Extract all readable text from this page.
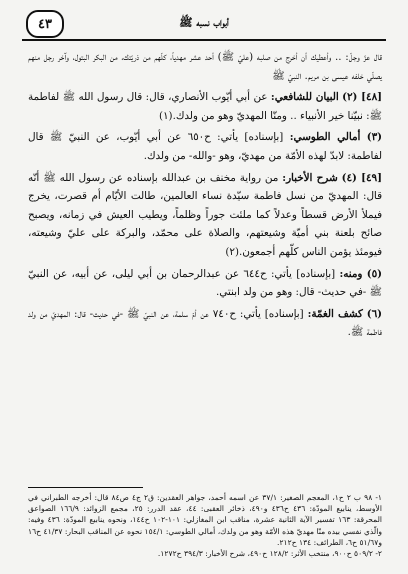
٤٣	أبواب نسبه ﷺ

قال عزّ وجلّ: .. وأعطيك أن أخرج من صلبه (عليّ ﷺ) أحد عشر مهدياً، كلّهم من ذريّتك، من البكر البتول، وآخر رجل منهم يصلّي خلفه عيسى بن مريم. النبيّ ﷺ

[٤٨] (٢) البيان للشافعي: عن أبي أيّوب الأنصاري، قال: قال رسول الله ﷺ لفاطمة ﷺ: نبيّنا خير الأنبياء .. ومنّا المهديّ وهو من ولدك.(١)

(٣) أمالي الطوسي: [بإسناده] يأتي: ح٦٥٠ عن أبي أيّوب، عن النبيّ ﷺ قال لفاطمة: لابدّ لهذه الأمّة من مهديّ، وهو -والله- من ولدك.

[٤٩] (٤) شرح الأخبار: من رواية مخنف بن عبدالله بإسناده عن رسول الله ﷺ أنّه قال: المهديّ من نسل فاطمة سيّدة نساء العالمين، طالت الأيّام أم قصرت، يخرج فيملأ الأرض قسطاً وعدلاً كما ملئت جوراً وظلماً، ويطيب العيش في زمانه، ويصبح صائح بلعنة بني أميّة وشيعتهم، والصلاة على محمّد، والبركة على عليّ وشيعته، فيومئذ يؤمن الناس كلّهم أجمعون.(٢)

(٥) ومنه: [بإسناده] يأتي: ح٦٤٤ عن عبدالرحمان بن أبي ليلى، عن أبيه، عن النبيّ ﷺ -في حديث- قال: وهو من ولد ابنتي.

(٦) كشف الغمّة: [بإسناده] يأتي: ح٧٤٠ عن أمّ سلمة، عن النبيّ ﷺ -في حديث- قال: المهديّ من ولد فاطمة ﷺ.

١- ٩٨ ب ٢ ح١، المعجم الصغير: ٣٧/١ عن اسمه أحمد، جواهر العقدين: ق٢ ج٤ ص٨٤ قال: أخرجه الطبراني في الأوسط، ينابيع المودّة: ٤٣٦ ح٤٣٦ و٤٩٠، ذخائر العقبى: ٤٤، عقد الدرر: ٢٥، مجمع الزوائد: ١٦٦/٩ الصواعق المحرقة: ١٦٣ تفسير الآية الثانية عشرة، مناقب ابن المغازلي: ١٠١-١٠٢ ح١٤٤، ونحوه ينابيع المودّة: ٤٣٦ وفيه: والّذي نفسي بيده منّا مهديّ هذه الأمّة وهو من ولدك، أمالي الطوسي: ١٥٤/١ نحوه عن المناقب البحار: ٤١/٣٧ ح١٦ و٥١/٦٧ ح٦، الطرائف: ١٣٤ ح٢١٢.

٢- ٥٠٩/٢ ح٩٠٠، منتخب الأثر: ١٢٨/٢ ح٤٩٠، شرح الأخبار: ٣٩٤/٣ ح١٢٧٢.
